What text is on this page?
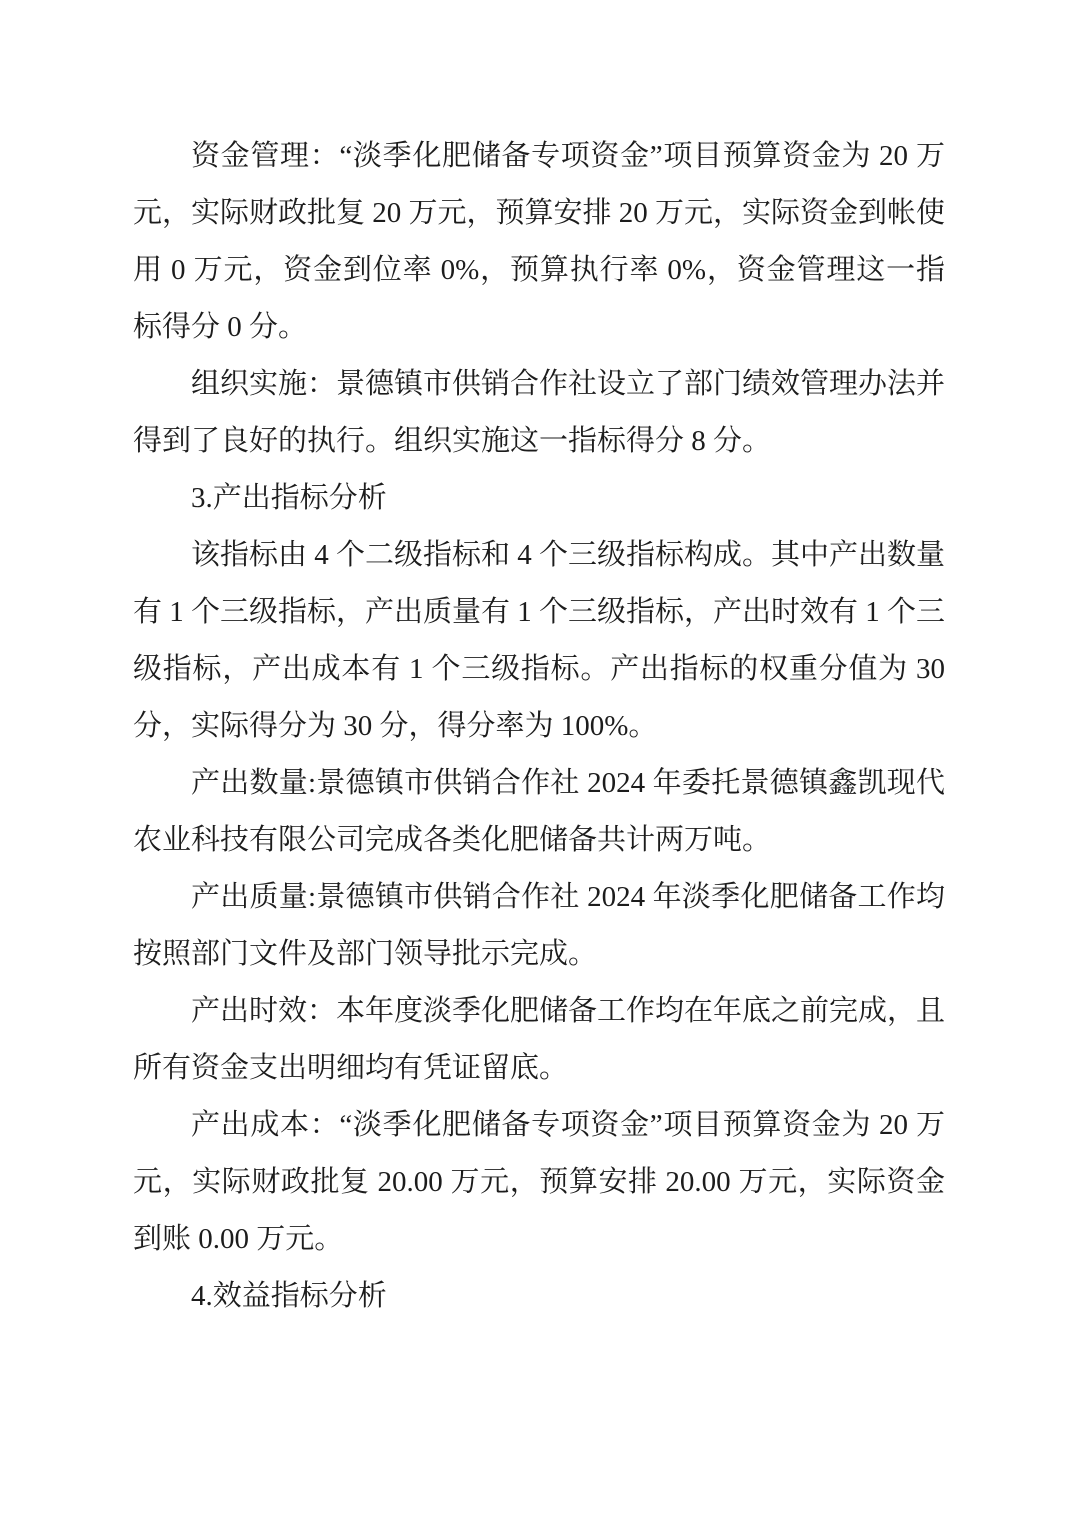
资金管理：“淡季化肥储备专项资金”项目预算资金为 20 万元，实际财政批复 20 万元，预算安排 20 万元，实际资金到帐使用 0 万元，资金到位率 0%，预算执行率 0%，资金管理这一指标得分 0 分。

组织实施：景德镇市供销合作社设立了部门绩效管理办法并得到了良好的执行。组织实施这一指标得分 8 分。

3.产出指标分析

该指标由 4 个二级指标和 4 个三级指标构成。其中产出数量有 1 个三级指标，产出质量有 1 个三级指标，产出时效有 1 个三级指标，产出成本有 1 个三级指标。产出指标的权重分值为 30 分，实际得分为 30 分，得分率为 100%。

产出数量:景德镇市供销合作社 2024 年委托景德镇鑫凯现代农业科技有限公司完成各类化肥储备共计两万吨。

产出质量:景德镇市供销合作社 2024 年淡季化肥储备工作均按照部门文件及部门领导批示完成。

产出时效：本年度淡季化肥储备工作均在年底之前完成，且所有资金支出明细均有凭证留底。

产出成本：“淡季化肥储备专项资金”项目预算资金为 20 万元，实际财政批复 20.00 万元，预算安排 20.00 万元，实际资金到账 0.00 万元。

4.效益指标分析
